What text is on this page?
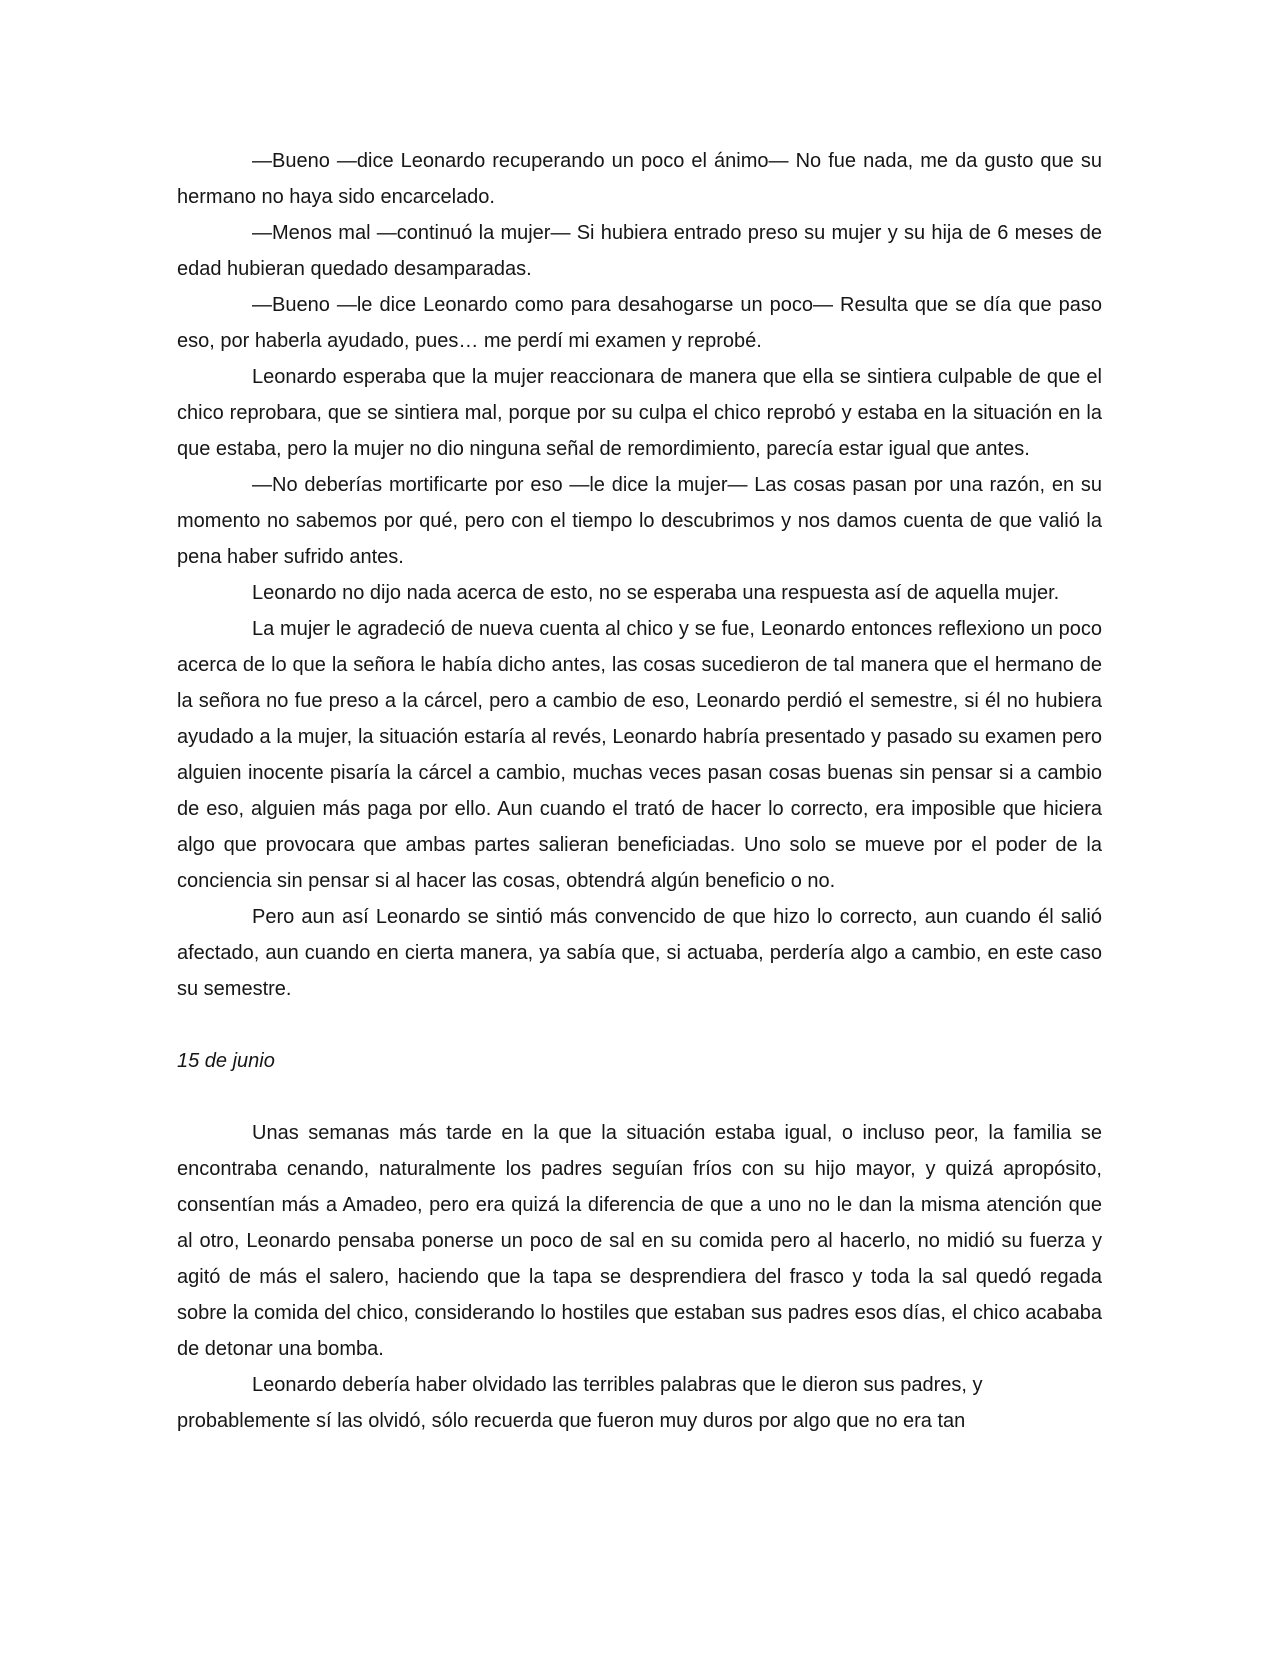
—Bueno —dice Leonardo recuperando un poco el ánimo— No fue nada, me da gusto que su hermano no haya sido encarcelado.

—Menos mal —continuó la mujer— Si hubiera entrado preso su mujer y su hija de 6 meses de edad hubieran quedado desamparadas.

—Bueno —le dice Leonardo como para desahogarse un poco— Resulta que se día que paso eso, por haberla ayudado, pues… me perdí mi examen y reprobé.

Leonardo esperaba que la mujer reaccionara de manera que ella se sintiera culpable de que el chico reprobara, que se sintiera mal, porque por su culpa el chico reprobó y estaba en la situación en la que estaba, pero la mujer no dio ninguna señal de remordimiento, parecía estar igual que antes.

—No deberías mortificarte por eso —le dice la mujer— Las cosas pasan por una razón, en su momento no sabemos por qué, pero con el tiempo lo descubrimos y nos damos cuenta de que valió la pena haber sufrido antes.

Leonardo no dijo nada acerca de esto, no se esperaba una respuesta así de aquella mujer.

La mujer le agradeció de nueva cuenta al chico y se fue, Leonardo entonces reflexiono un poco acerca de lo que la señora le había dicho antes, las cosas sucedieron de tal manera que el hermano de la señora no fue preso a la cárcel, pero a cambio de eso, Leonardo perdió el semestre, si él no hubiera ayudado a la mujer, la situación estaría al revés, Leonardo habría presentado y pasado su examen pero alguien inocente pisaría la cárcel a cambio, muchas veces pasan cosas buenas sin pensar si a cambio de eso, alguien más paga por ello. Aun cuando el trató de hacer lo correcto, era imposible que hiciera algo que provocara que ambas partes salieran beneficiadas. Uno solo se mueve por el poder de la conciencia sin pensar si al hacer las cosas, obtendrá algún beneficio o no.

Pero aun así Leonardo se sintió más convencido de que hizo lo correcto, aun cuando él salió afectado, aun cuando en cierta manera, ya sabía que, si actuaba, perdería algo a cambio, en este caso su semestre.

15 de junio

Unas semanas más tarde en la que la situación estaba igual, o incluso peor, la familia se encontraba cenando, naturalmente los padres seguían fríos con su hijo mayor, y quizá apropósito, consentían más a Amadeo, pero era quizá la diferencia de que a uno no le dan la misma atención que al otro, Leonardo pensaba ponerse un poco de sal en su comida pero al hacerlo, no midió su fuerza y agitó de más el salero, haciendo que la tapa se desprendiera del frasco y toda la sal quedó regada sobre la comida del chico, considerando lo hostiles que estaban sus padres esos días, el chico acababa de detonar una bomba.

Leonardo debería haber olvidado las terribles palabras que le dieron sus padres, y probablemente sí las olvidó, sólo recuerda que fueron muy duros por algo que no era tan
